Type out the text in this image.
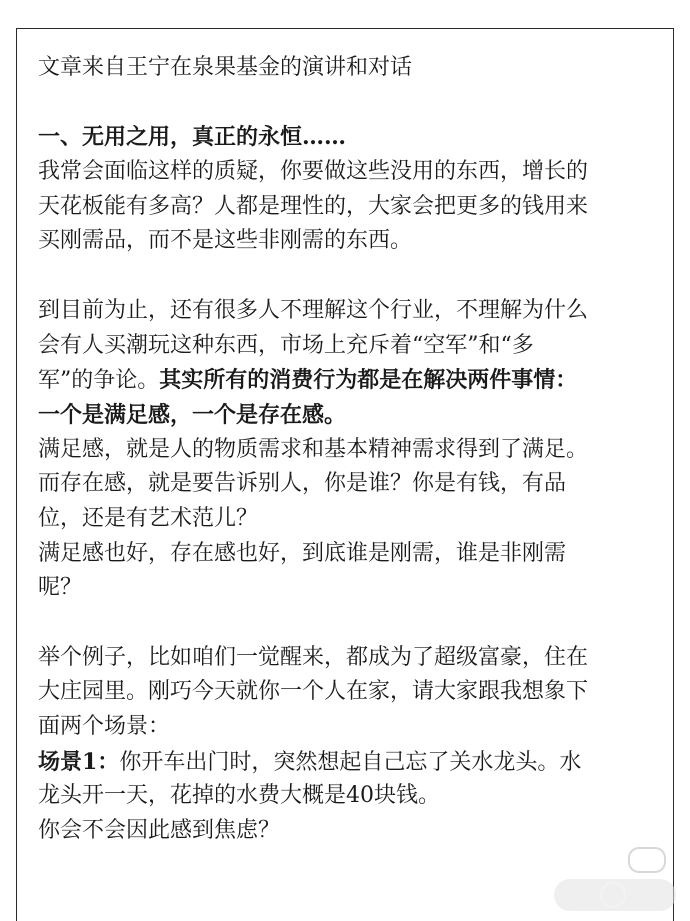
文章来自王宁在泉果基金的演讲和对话
一、无用之用，真正的永恒……
我常会面临这样的质疑，你要做这些没用的东西，增长的
天花板能有多高？人都是理性的，大家会把更多的钱用来
买刚需品，而不是这些非刚需的东西。
到目前为止，还有很多人不理解这个行业，不理解为什么
会有人买潮玩这种东西，市场上充斥着“空军”和“多
军”的争论。其实所有的消费行为都是在解决两件事情：
一个是满足感，一个是存在感。
满足感，就是人的物质需求和基本精神需求得到了满足。
而存在感，就是要告诉别人，你是谁？你是有钱，有品
位，还是有艺术范儿？
满足感也好，存在感也好，到底谁是刚需，谁是非刚需
呢？
举个例子，比如咱们一觉醒来，都成为了超级富豪，住在
大庄园里。刚巧今天就你一个人在家，请大家跟我想象下
面两个场景：
场景1：你开车出门时，突然想起自己忘了关水龙头。水
龙头开一天，花掉的水费大概是40块钱。
你会不会因此感到焦虑？
